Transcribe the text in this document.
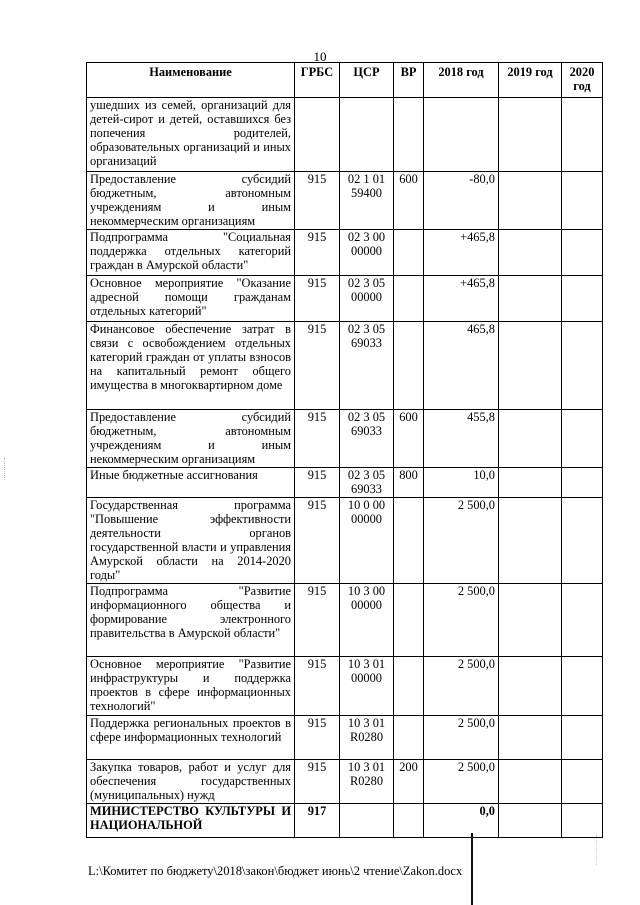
10
Наименование	ГРБС	ЦСР	ВР	2018 год	2019 год	2020 год
ушедших из семей, организаций для детей-сирот и детей, оставшихся без попечения родителей, образовательных организаций и иных организаций						
Предоставление субсидий бюджетным, автономным учреждениям и иным некоммерческим организациям	915	02 1 01 59400	600	-80,0		
Подпрограмма "Социальная поддержка отдельных категорий граждан в Амурской области"	915	02 3 00 00000		+465,8		
Основное мероприятие "Оказание адресной помощи гражданам отдельных категорий"	915	02 3 05 00000		+465,8		
Финансовое обеспечение затрат в связи с освобождением отдельных категорий граждан от уплаты взносов на капитальный ремонт общего имущества в многоквартирном доме	915	02 3 05 69033		465,8		
Предоставление субсидий бюджетным, автономным учреждениям и иным некоммерческим организациям	915	02 3 05 69033	600	455,8		
Иные бюджетные ассигнования	915	02 3 05 69033	800	10,0		
Государственная программа "Повышение эффективности деятельности органов государственной власти и управления Амурской области на 2014-2020 годы"	915	10 0 00 00000		2 500,0		
Подпрограмма "Развитие информационного общества и формирование электронного правительства в Амурской области"	915	10 3 00 00000		2 500,0		
Основное мероприятие "Развитие инфраструктуры и поддержка проектов в сфере информационных технологий"	915	10 3 01 00000		2 500,0		
Поддержка региональных проектов в сфере информационных технологий	915	10 3 01 R0280		2 500,0		
Закупка товаров, работ и услуг для обеспечения государственных (муниципальных) нужд	915	10 3 01 R0280	200	2 500,0		
МИНИСТЕРСТВО КУЛЬТУРЫ И НАЦИОНАЛЬНОЙ	917			0,0		
L:\Комитет по бюджету\2018\закон\бюджет июнь\2 чтение\Zakon.docx
